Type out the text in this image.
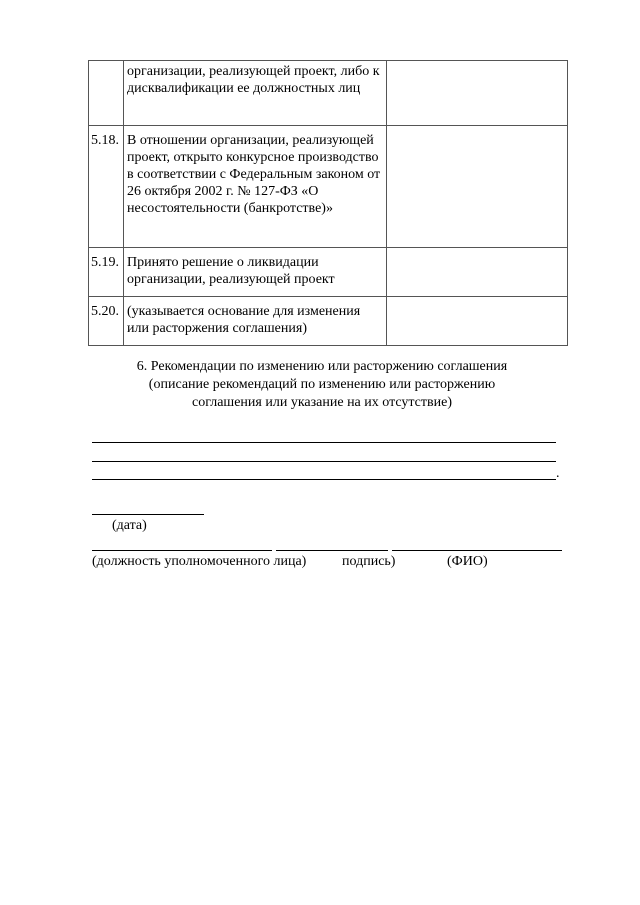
	организации, реализующей проект, либо к дисквалификации ее должностных лиц	
5.18.	В отношении организации, реализующей проект, открыто конкурсное производство в соответствии с Федеральным законом от 26 октября 2002 г. № 127-ФЗ «О несостоятельности (банкротстве)»	
5.19.	Принято решение о ликвидации организации, реализующей проект	
5.20.	(указывается основание для изменения или расторжения соглашения)	
6. Рекомендации по изменению или расторжению соглашения (описание рекомендаций по изменению или расторжению соглашения или указание на их отсутствие)
.
(дата)
(должность уполномоченного лица)	подпись)	(ФИО)
